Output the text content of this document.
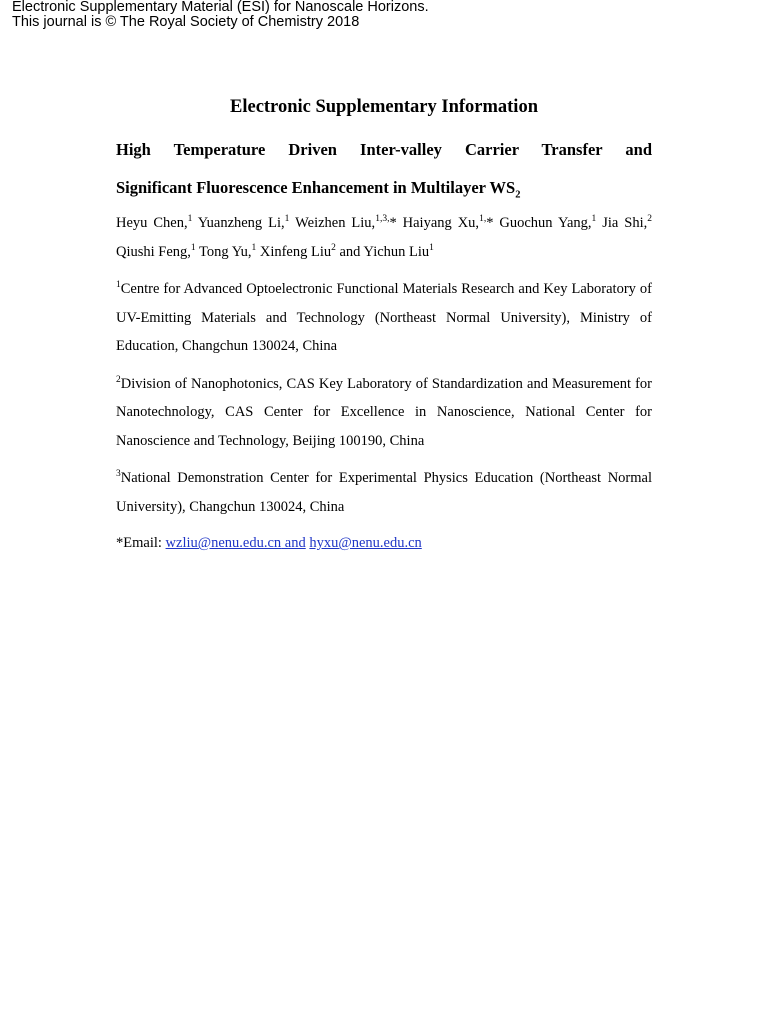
Electronic Supplementary Material (ESI) for Nanoscale Horizons.
This journal is © The Royal Society of Chemistry 2018
Electronic Supplementary Information
High Temperature Driven Inter-valley Carrier Transfer and
Significant Fluorescence Enhancement in Multilayer $WS_2$

Heyu Chen,$^1$ Yuanzheng Li,$^1$ Weizhen Liu,$^{1,3,}$* Haiyang Xu,$^{1,}$* Guochun Yang,$^1$ Jia Shi,$^2$ Qiushi Feng,$^1$ Tong Yu,$^1$ Xinfeng Liu$^2$ and Yichun Liu$^1$

$^1$Centre for Advanced Optoelectronic Functional Materials Research and Key Laboratory of UV-Emitting Materials and Technology (Northeast Normal University), Ministry of Education, Changchun 130024, China

$^2$Division of Nanophotonics, CAS Key Laboratory of Standardization and Measurement for Nanotechnology, CAS Center for Excellence in Nanoscience, National Center for Nanoscience and Technology, Beijing 100190, China

$^3$National Demonstration Center for Experimental Physics Education (Northeast Normal University), Changchun 130024, China

*Email: wzliu@nenu.edu.cn and hyxu@nenu.edu.cn
